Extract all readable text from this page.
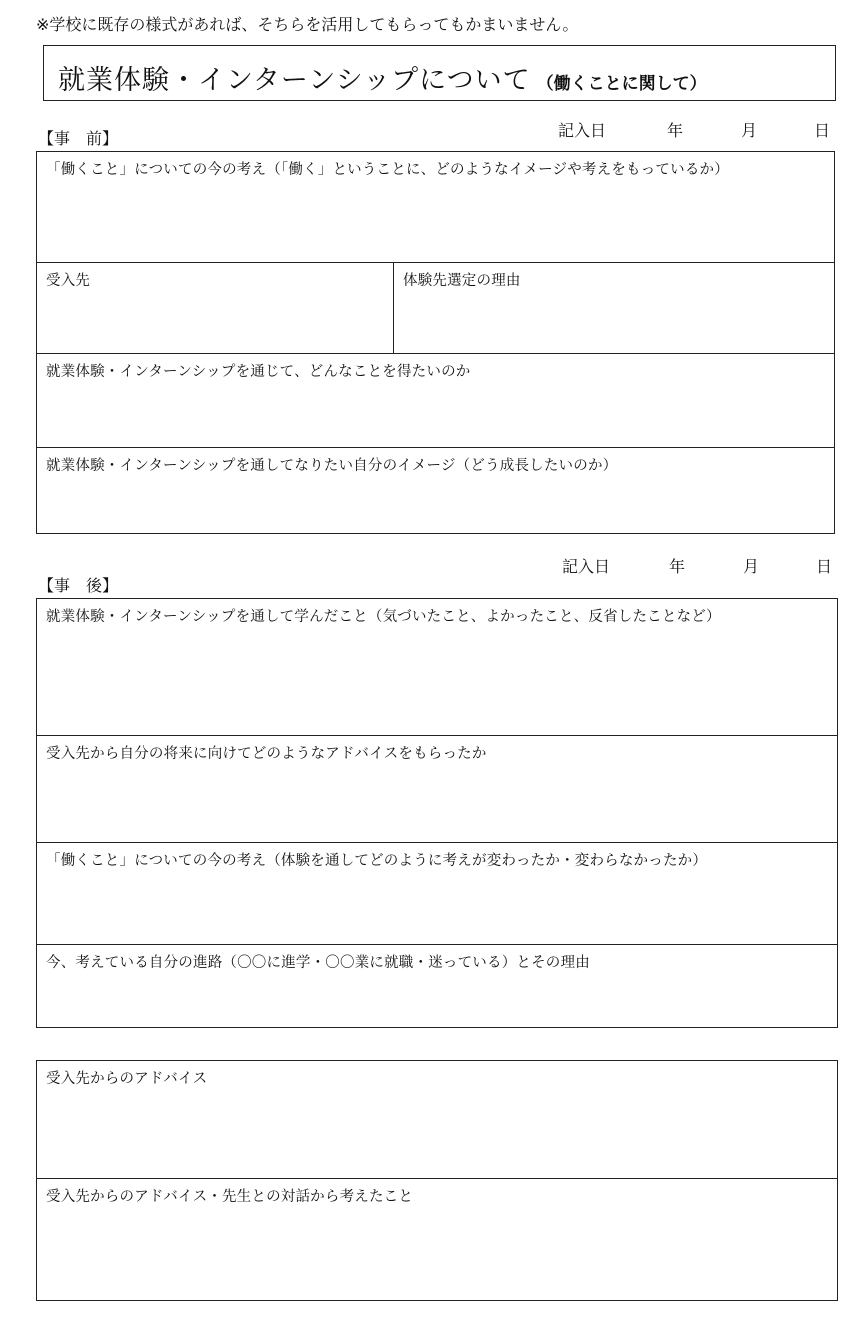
※学校に既存の様式があれば、そちらを活用してもらってもかまいません。
就業体験・インターンシップについて （働くことに関して）
【事　前】	記入日	年	月	日
「働くこと」についての今の考え（「働く」ということに、どのようなイメージや考えをもっているか）
受入先	体験先選定の理由
就業体験・インターンシップを通じて、どんなことを得たいのか
就業体験・インターンシップを通してなりたい自分のイメージ（どう成長したいのか）
記入日	年	月	日
【事　後】
就業体験・インターンシップを通して学んだこと（気づいたこと、よかったこと、反省したことなど）
受入先から自分の将来に向けてどのようなアドバイスをもらったか
「働くこと」についての今の考え（体験を通してどのように考えが変わったか・変わらなかったか）
今、考えている自分の進路（〇〇に進学・〇〇業に就職・迷っている）とその理由
受入先からのアドバイス
受入先からのアドバイス・先生との対話から考えたこと
